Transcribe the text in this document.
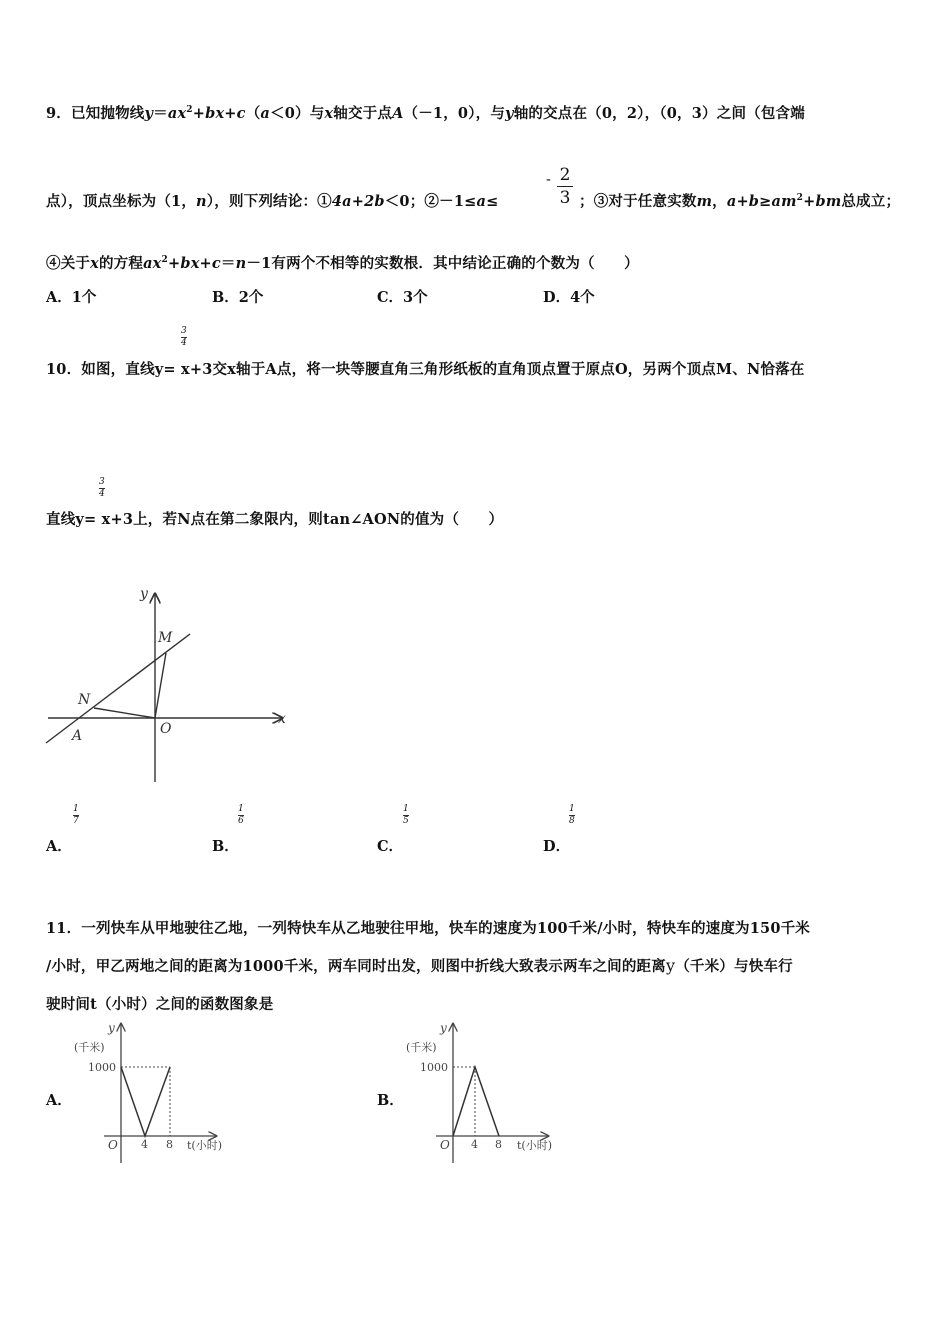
9．已知抛物线$y=ax^2+bx+c(a<0)$与x轴交于点A（－1，0），与y轴的交点在（0，2），（0，3）之间（包含端
点），顶点坐标为（1，n），则下列结论：①4a+2b＜0；②－1≤a≤
- 2
3 ；③对于任意实数m，$a+b\ge am^2+bm$总成立；
④关于x的方程$ax^2+bx+c=n-1$有两个不相等的实数根．其中结论正确的个数为（　　）
A．1个	B．2个	C．3个	D．4个
3
4
10．如图，直线y= x+3交x轴于A点，将一块等腰直角三角形纸板的直角顶点置于原点O，另两个顶点M、N恰落在
3
4
直线y= x+3上，若N点在第二象限内，则tan∠AON的值为（　　）
y
x
M
N
A	O
1
7
A．
1
6
B．
1
5
C．
1
8
D．
11．一列快车从甲地驶往乙地，一列特快车从乙地驶往甲地，快车的速度为100千米/小时，特快车的速度为150千米
/小时，甲乙两地之间的距离为1000千米，两车同时出发，则图中折线大致表示两车之间的距离y（千米）与快车行
驶时间t（小时）之间的函数图象是
A．
y
(千米)
1000
O 4 8 t(小时)
B．
y
(千米)
1000
O 4 8 t(小时)
